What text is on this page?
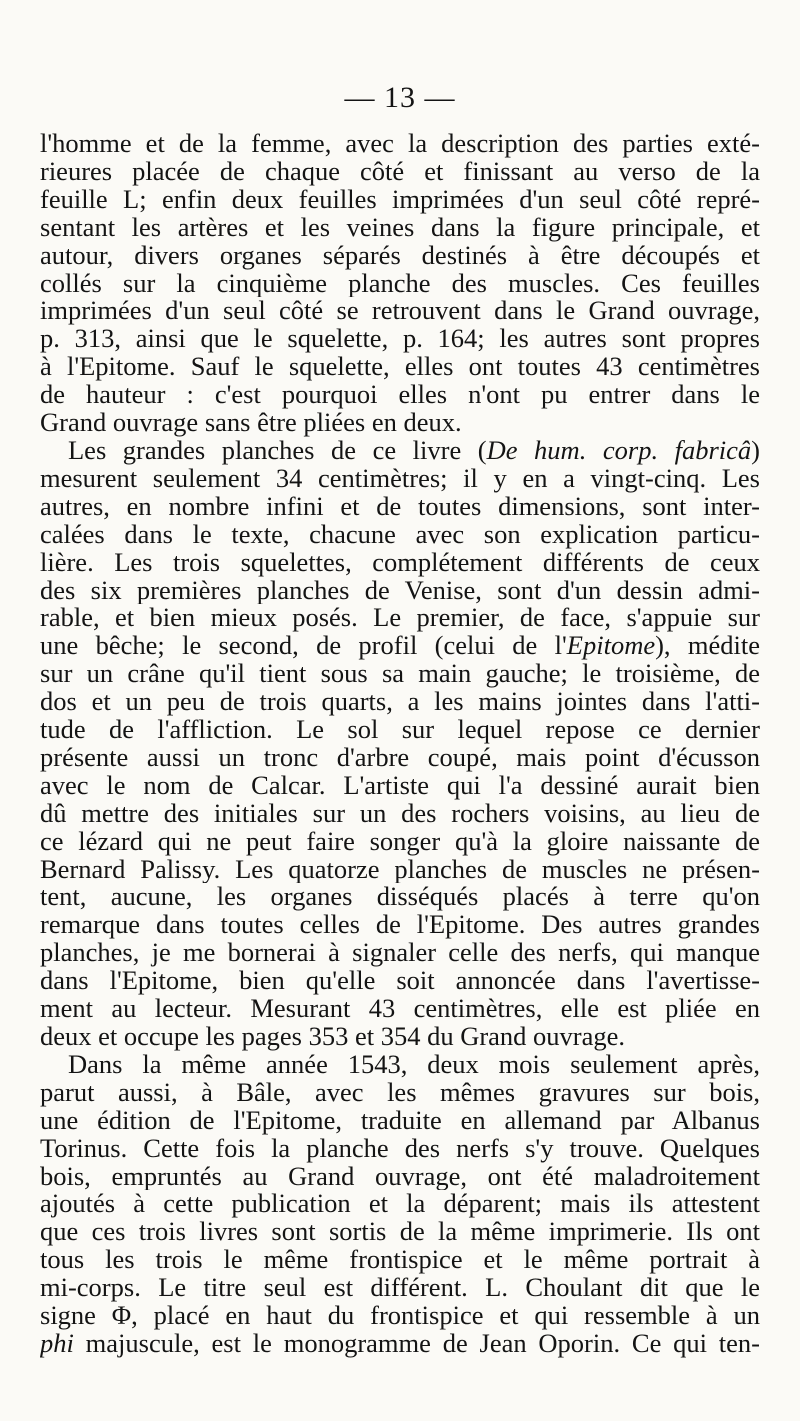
— 13 —
l'homme et de la femme, avec la description des parties exté-
rieures placée de chaque côté et finissant au verso de la
feuille L; enfin deux feuilles imprimées d'un seul côté repré-
sentant les artères et les veines dans la figure principale, et
autour, divers organes séparés destinés à être découpés et
collés sur la cinquième planche des muscles. Ces feuilles
imprimées d'un seul côté se retrouvent dans le Grand ouvrage,
p. 313, ainsi que le squelette, p. 164; les autres sont propres
à l'Epitome. Sauf le squelette, elles ont toutes 43 centimètres
de hauteur : c'est pourquoi elles n'ont pu entrer dans le
Grand ouvrage sans être pliées en deux.
Les grandes planches de ce livre (De hum. corp. fabricâ)
mesurent seulement 34 centimètres; il y en a vingt-cinq. Les
autres, en nombre infini et de toutes dimensions, sont inter-
calées dans le texte, chacune avec son explication particu-
lière. Les trois squelettes, complétement différents de ceux
des six premières planches de Venise, sont d'un dessin admi-
rable, et bien mieux posés. Le premier, de face, s'appuie sur
une bêche; le second, de profil (celui de l'Epitome), médite
sur un crâne qu'il tient sous sa main gauche; le troisième, de
dos et un peu de trois quarts, a les mains jointes dans l'atti-
tude de l'affliction. Le sol sur lequel repose ce dernier
présente aussi un tronc d'arbre coupé, mais point d'écusson
avec le nom de Calcar. L'artiste qui l'a dessiné aurait bien
dû mettre des initiales sur un des rochers voisins, au lieu de
ce lézard qui ne peut faire songer qu'à la gloire naissante de
Bernard Palissy. Les quatorze planches de muscles ne présen-
tent, aucune, les organes disséqués placés à terre qu'on
remarque dans toutes celles de l'Epitome. Des autres grandes
planches, je me bornerai à signaler celle des nerfs, qui manque
dans l'Epitome, bien qu'elle soit annoncée dans l'avertisse-
ment au lecteur. Mesurant 43 centimètres, elle est pliée en
deux et occupe les pages 353 et 354 du Grand ouvrage.
Dans la même année 1543, deux mois seulement après,
parut aussi, à Bâle, avec les mêmes gravures sur bois,
une édition de l'Epitome, traduite en allemand par Albanus
Torinus. Cette fois la planche des nerfs s'y trouve. Quelques
bois, empruntés au Grand ouvrage, ont été maladroitement
ajoutés à cette publication et la déparent; mais ils attestent
que ces trois livres sont sortis de la même imprimerie. Ils ont
tous les trois le même frontispice et le même portrait à
mi-corps. Le titre seul est différent. L. Choulant dit que le
signe Φ, placé en haut du frontispice et qui ressemble à un
phi majuscule, est le monogramme de Jean Oporin. Ce qui ten-
